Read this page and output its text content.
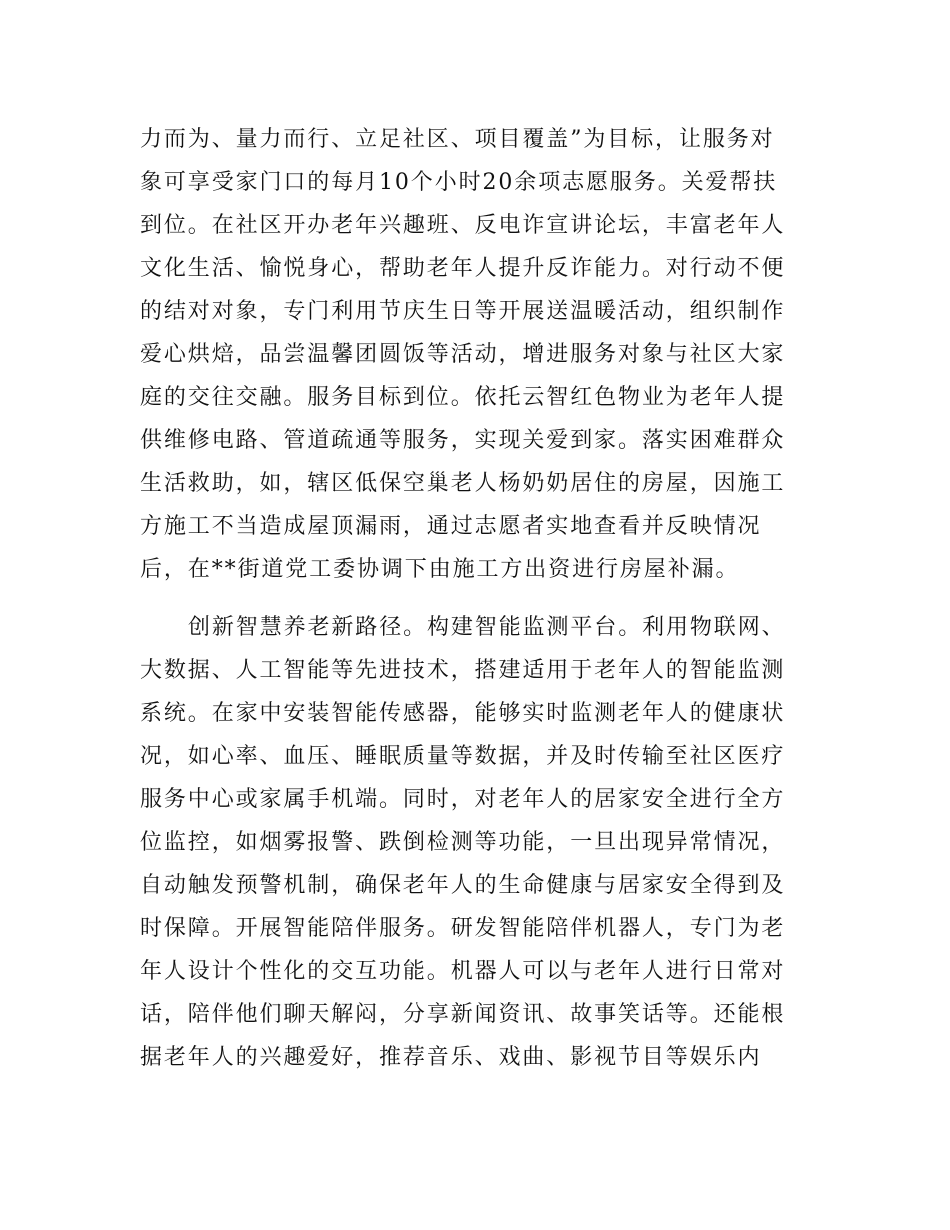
力而为、量力而行、立足社区、项目覆盖”为目标，让服务对
象可享受家门口的每月10个小时20余项志愿服务。关爱帮扶
到位。在社区开办老年兴趣班、反电诈宣讲论坛，丰富老年人
文化生活、愉悦身心，帮助老年人提升反诈能力。对行动不便
的结对对象，专门利用节庆生日等开展送温暖活动，组织制作
爱心烘焙，品尝温馨团圆饭等活动，增进服务对象与社区大家
庭的交往交融。服务目标到位。依托云智红色物业为老年人提
供维修电路、管道疏通等服务，实现关爱到家。落实困难群众
生活救助，如，辖区低保空巢老人杨奶奶居住的房屋，因施工
方施工不当造成屋顶漏雨，通过志愿者实地查看并反映情况
后，在**街道党工委协调下由施工方出资进行房屋补漏。
创新智慧养老新路径。构建智能监测平台。利用物联网、
大数据、人工智能等先进技术，搭建适用于老年人的智能监测
系统。在家中安装智能传感器，能够实时监测老年人的健康状
况，如心率、血压、睡眠质量等数据，并及时传输至社区医疗
服务中心或家属手机端。同时，对老年人的居家安全进行全方
位监控，如烟雾报警、跌倒检测等功能，一旦出现异常情况，
自动触发预警机制，确保老年人的生命健康与居家安全得到及
时保障。开展智能陪伴服务。研发智能陪伴机器人，专门为老
年人设计个性化的交互功能。机器人可以与老年人进行日常对
话，陪伴他们聊天解闷，分享新闻资讯、故事笑话等。还能根
据老年人的兴趣爱好，推荐音乐、戏曲、影视节目等娱乐内
